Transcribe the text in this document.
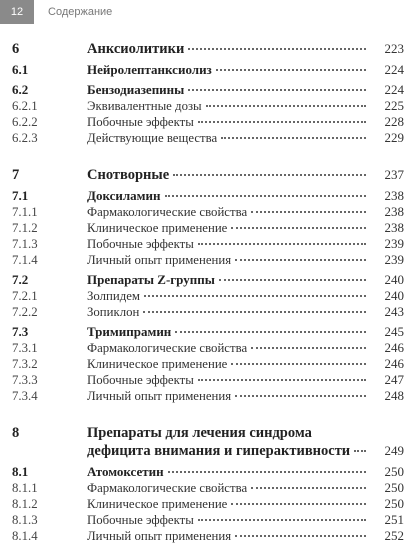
12	Содержание
6	Анксиолитики	223
6.1	Нейролептанксиолиз	224
6.2	Бензодиазепины	224
6.2.1	Эквивалентные дозы	225
6.2.2	Побочные эффекты	228
6.2.3	Действующие вещества	229
7	Снотворные	237
7.1	Доксиламин	238
7.1.1	Фармакологические свойства	238
7.1.2	Клиническое применение	238
7.1.3	Побочные эффекты	239
7.1.4	Личный опыт применения	239
7.2	Препараты Z-группы	240
7.2.1	Золпидем	240
7.2.2	Зопиклон	243
7.3	Тримипрамин	245
7.3.1	Фармакологические свойства	246
7.3.2	Клиническое применение	246
7.3.3	Побочные эффекты	247
7.3.4	Личный опыт применения	248
8	Препараты для лечения синдрома
дефицита внимания и гиперактивности	249
8.1	Атомоксетин	250
8.1.1	Фармакологические свойства	250
8.1.2	Клиническое применение	250
8.1.3	Побочные эффекты	251
8.1.4	Личный опыт применения	252
